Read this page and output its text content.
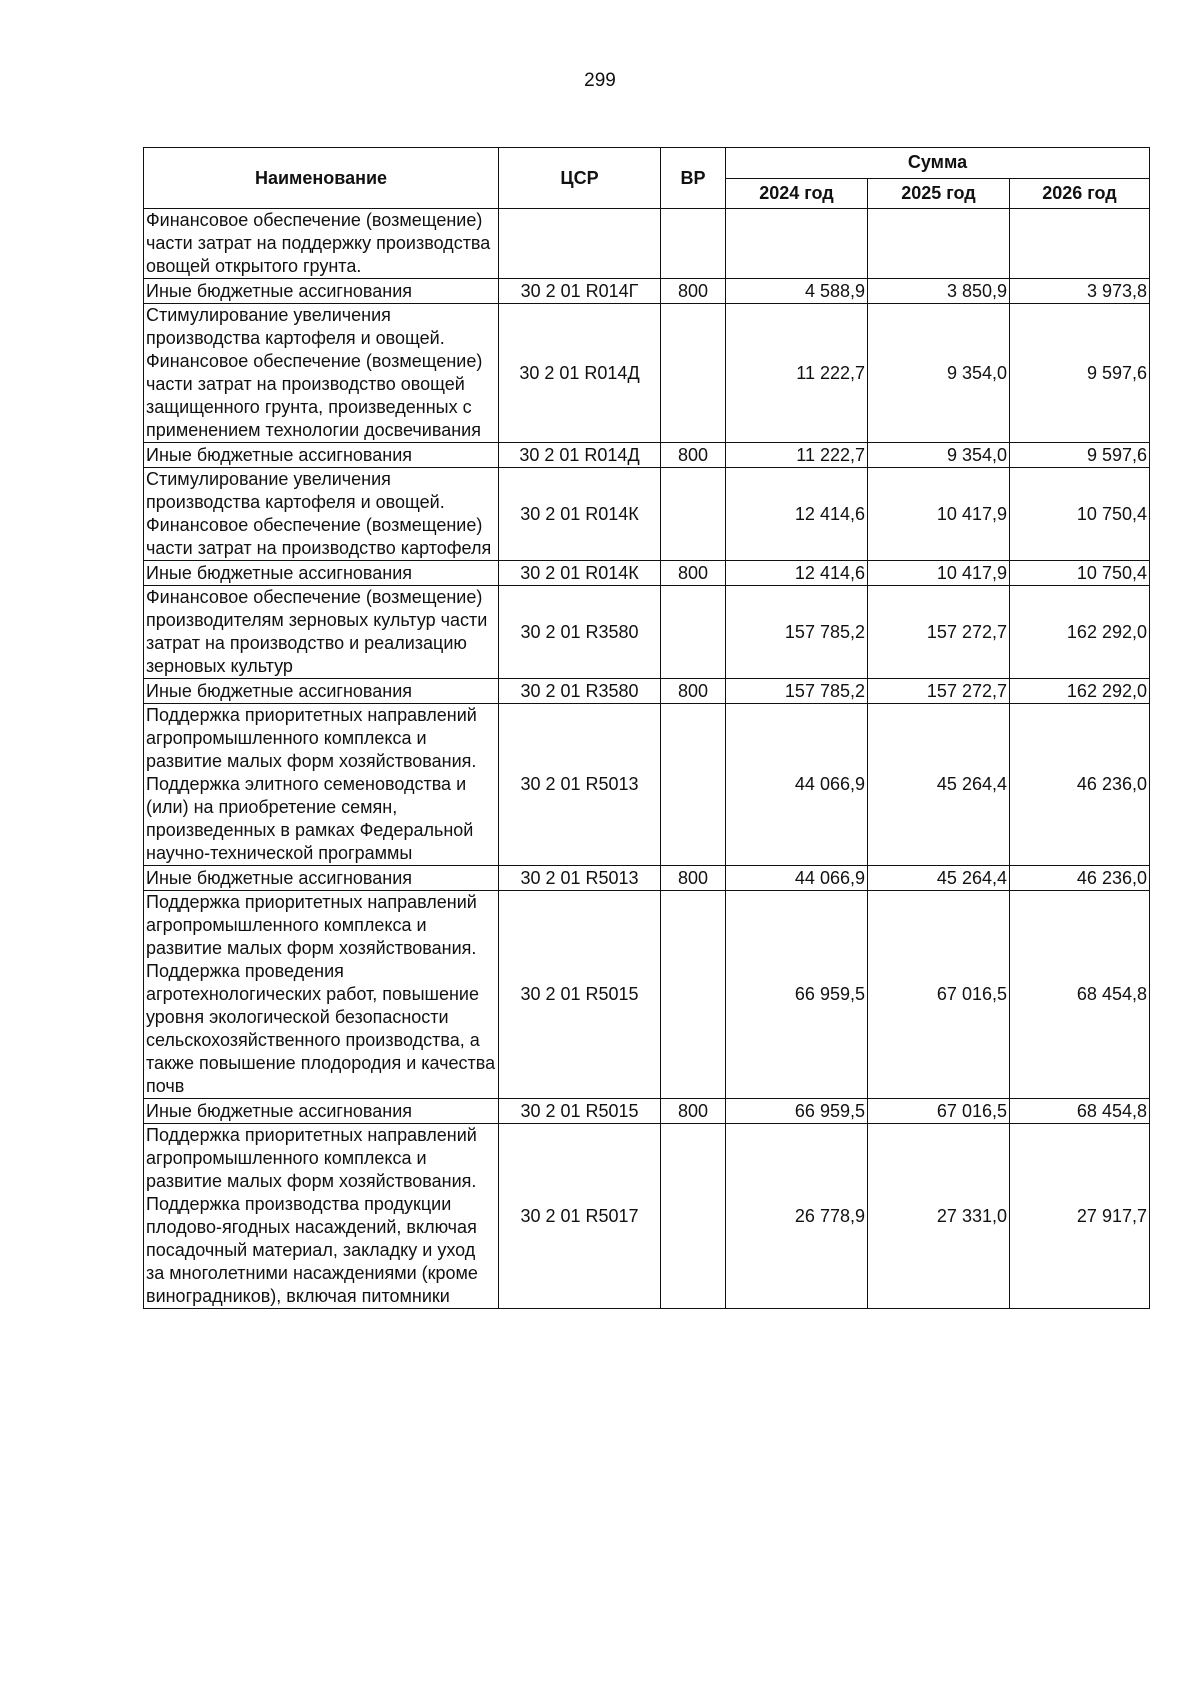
299
Наименование	ЦСР	ВР	Сумма		
			2024 год	2025 год	2026 год
Финансовое обеспечение (возмещение) части затрат на поддержку производства овощей открытого грунта.					
Иные бюджетные ассигнования	30 2 01 R014Г	800	4 588,9	3 850,9	3 973,8
Стимулирование увеличения производства картофеля и овощей. Финансовое обеспечение (возмещение) части затрат на производство овощей защищенного грунта, произведенных с применением технологии досвечивания	30 2 01 R014Д		11 222,7	9 354,0	9 597,6
Иные бюджетные ассигнования	30 2 01 R014Д	800	11 222,7	9 354,0	9 597,6
Стимулирование увеличения производства картофеля и овощей. Финансовое обеспечение (возмещение) части затрат на производство картофеля	30 2 01 R014К		12 414,6	10 417,9	10 750,4
Иные бюджетные ассигнования	30 2 01 R014К	800	12 414,6	10 417,9	10 750,4
Финансовое обеспечение (возмещение) производителям зерновых культур части затрат на производство и реализацию зерновых культур	30 2 01 R3580		157 785,2	157 272,7	162 292,0
Иные бюджетные ассигнования	30 2 01 R3580	800	157 785,2	157 272,7	162 292,0
Поддержка приоритетных направлений агропромышленного комплекса и развитие малых форм хозяйствования. Поддержка элитного семеноводства и (или) на приобретение семян, произведенных в рамках Федеральной научно-технической программы	30 2 01 R5013		44 066,9	45 264,4	46 236,0
Иные бюджетные ассигнования	30 2 01 R5013	800	44 066,9	45 264,4	46 236,0
Поддержка приоритетных направлений агропромышленного комплекса и развитие малых форм хозяйствования. Поддержка проведения агротехнологических работ, повышение уровня экологической безопасности сельскохозяйственного производства, а также повышение плодородия и качества почв	30 2 01 R5015		66 959,5	67 016,5	68 454,8
Иные бюджетные ассигнования	30 2 01 R5015	800	66 959,5	67 016,5	68 454,8
Поддержка приоритетных направлений агропромышленного комплекса и развитие малых форм хозяйствования. Поддержка производства продукции плодово-ягодных насаждений, включая посадочный материал, закладку и уход за многолетними насаждениями (кроме виноградников), включая питомники	30 2 01 R5017		26 778,9	27 331,0	27 917,7
